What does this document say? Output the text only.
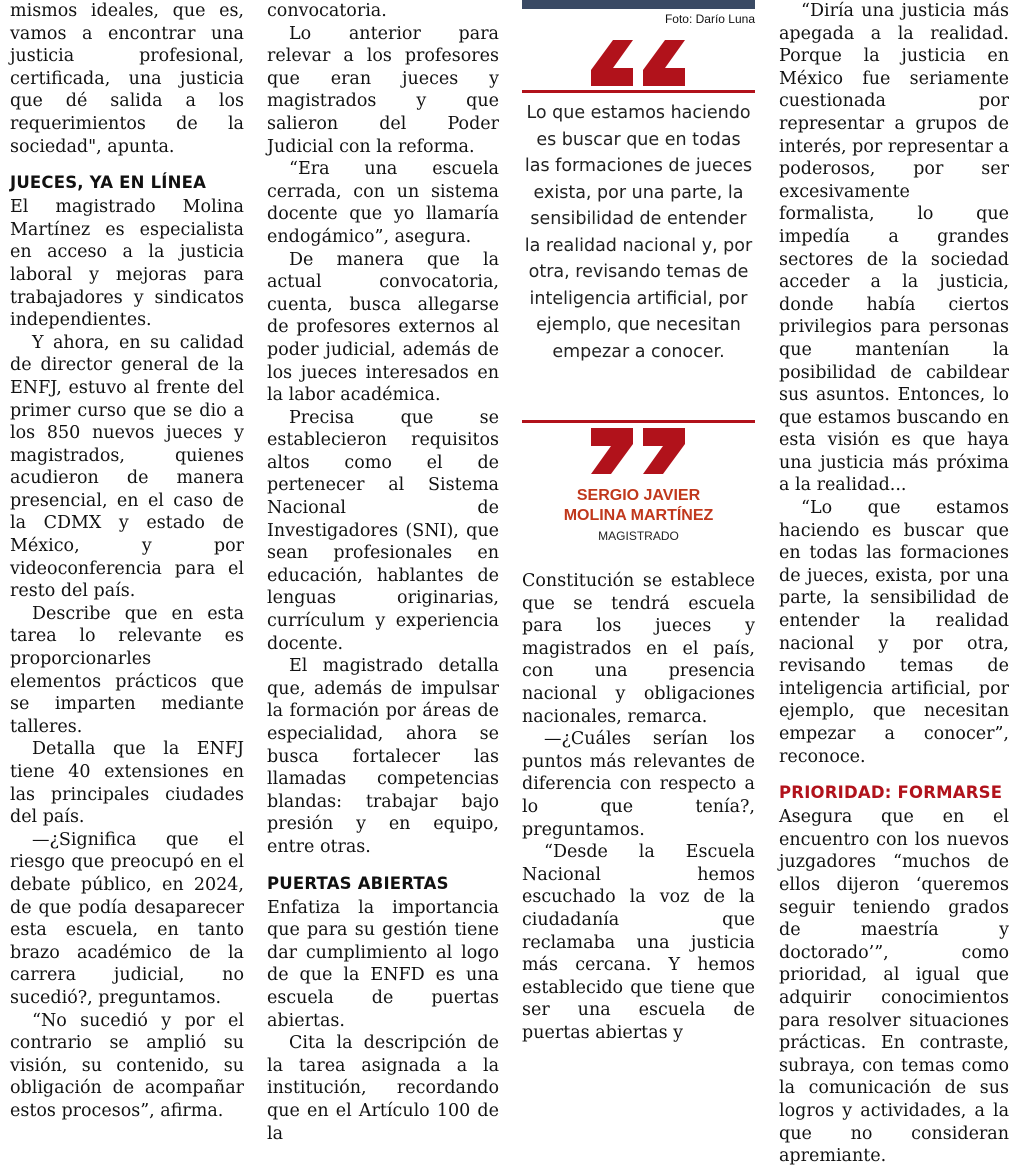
mismos ideales, que es, vamos a encontrar una justicia profesional, certificada, una justicia que dé salida a los requerimientos de la sociedad", apunta.

JUECES, YA EN LÍNEA

El magistrado Molina Martínez es especialista en acceso a la justicia laboral y mejoras para trabajadores y sindicatos independientes.

Y ahora, en su calidad de director general de la ENFJ, estuvo al frente del primer curso que se dio a los 850 nuevos jueces y magistrados, quienes acudieron de manera presencial, en el caso de la CDMX y estado de México, y por videoconferencia para el resto del país.

Describe que en esta tarea lo relevante es proporcionarles elementos prácticos que se imparten mediante talleres.

Detalla que la ENFJ tiene 40 extensiones en las principales ciudades del país.

—¿Significa que el riesgo que preocupó en el debate público, en 2024, de que podía desaparecer esta escuela, en tanto brazo académico de la carrera judicial, no sucedió?, preguntamos.

“No sucedió y por el contrario se amplió su visión, su contenido, su obligación de acompañar estos procesos”, afirma.

convocatoria.

Lo anterior para relevar a los profesores que eran jueces y magistrados y que salieron del Poder Judicial con la reforma.

“Era una escuela cerrada, con un sistema docente que yo llamaría endogámico”, asegura.

De manera que la actual convocatoria, cuenta, busca allegarse de profesores externos al poder judicial, además de los jueces interesados en la labor académica.

Precisa que se establecieron requisitos altos como el de pertenecer al Sistema Nacional de Investigadores (SNI), que sean profesionales en educación, hablantes de lenguas originarias, currículum y experiencia docente.

El magistrado detalla que, además de impulsar la formación por áreas de especialidad, ahora se busca fortalecer las llamadas competencias blandas: trabajar bajo presión y en equipo, entre otras.

PUERTAS ABIERTAS

Enfatiza la importancia que para su gestión tiene dar cumplimiento al logo de que la ENFD es una escuela de puertas abiertas.

Cita la descripción de la tarea asignada a la institución, recordando que en el Artículo 100 de la

Foto: Darío Luna
Lo que estamos haciendo es buscar que en todas las formaciones de jueces exista, por una parte, la sensibilidad de entender la realidad nacional y, por otra, revisando temas de inteligencia artificial, por ejemplo, que necesitan empezar a conocer.
SERGIO JAVIER
MOLINA MARTÍNEZ
MAGISTRADO

Constitución se establece que se tendrá escuela para los jueces y magistrados en el país, con una presencia nacional y obligaciones nacionales, remarca.

—¿Cuáles serían los puntos más relevantes de diferencia con respecto a lo que tenía?, preguntamos.

“Desde la Escuela Nacional hemos escuchado la voz de la ciudadanía que reclamaba una justicia más cercana. Y hemos establecido que tiene que ser una escuela de puertas abiertas y

“Diría una justicia más apegada a la realidad. Porque la justicia en México fue seriamente cuestionada por representar a grupos de interés, por representar a poderosos, por ser excesivamente formalista, lo que impedía a grandes sectores de la sociedad acceder a la justicia, donde había ciertos privilegios para personas que mantenían la posibilidad de cabildear sus asuntos. Entonces, lo que estamos buscando en esta visión es que haya una justicia más próxima a la realidad...

“Lo que estamos haciendo es buscar que en todas las formaciones de jueces, exista, por una parte, la sensibilidad de entender la realidad nacional y por otra, revisando temas de inteligencia artificial, por ejemplo, que necesitan empezar a conocer”, reconoce.

PRIORIDAD: FORMARSE

Asegura que en el encuentro con los nuevos juzgadores “muchos de ellos dijeron ‘queremos seguir teniendo grados de maestría y doctorado’”, como prioridad, al igual que adquirir conocimientos para resolver situaciones prácticas. En contraste, subraya, con temas como la comunicación de sus logros y actividades, a la que no consideran apremiante.
